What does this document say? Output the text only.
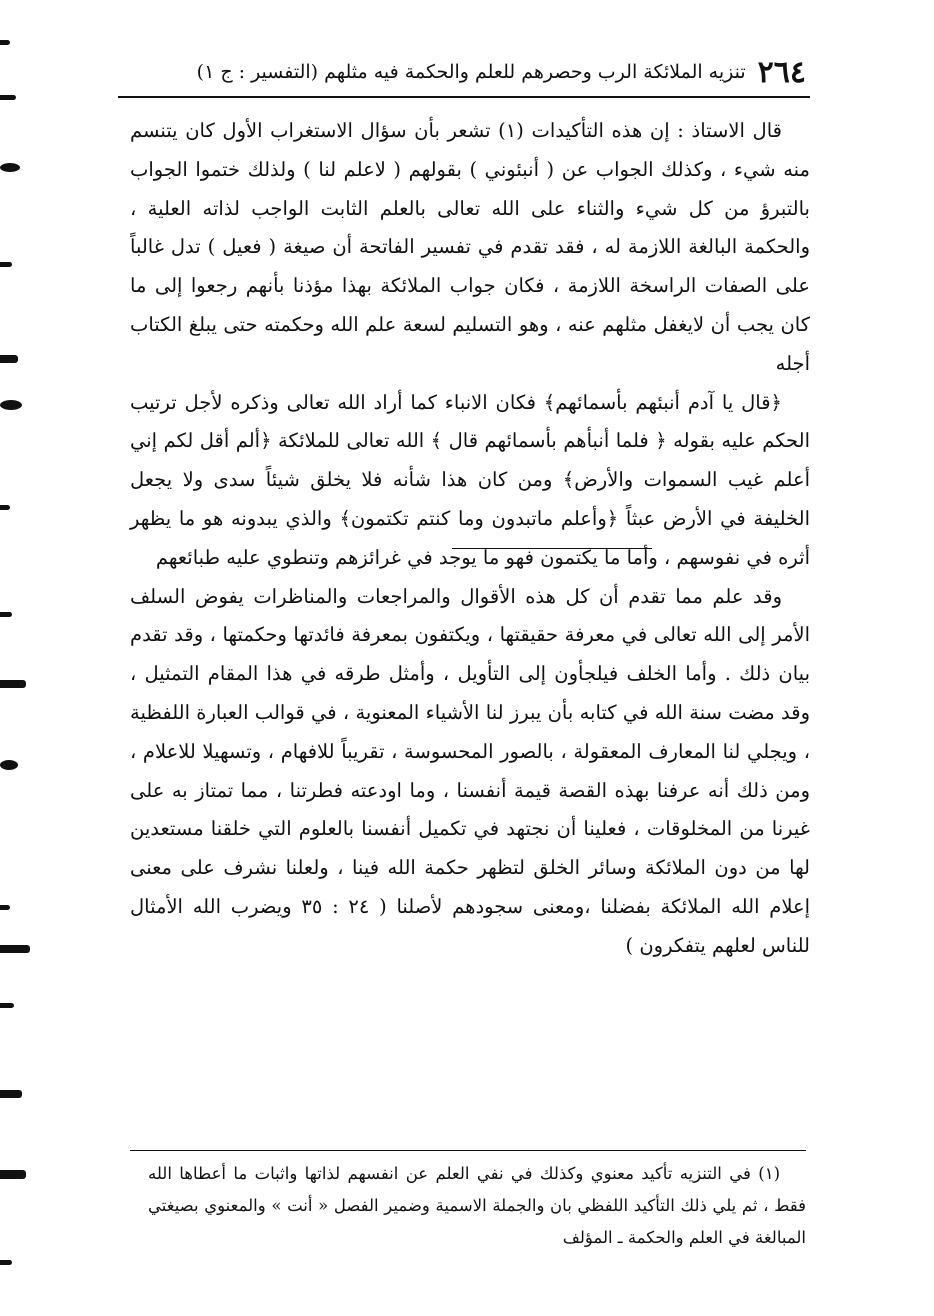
٢٦٤
تنزيه الملائكة الرب وحصرهم للعلم والحكمة فيه مثلهم (التفسير : ج ١)

قال الاستاذ : إن هذه التأكيدات (١) تشعر بأن سؤال الاستغراب الأول كان يتنسم منه شيء ، وكذلك الجواب عن ( أنبئوني ) بقولهم ( لاعلم لنا ) ولذلك ختموا الجواب بالتبرؤ من كل شيء والثناء على الله تعالى بالعلم الثابت الواجب لذاته العلية ، والحكمة البالغة اللازمة له ، فقد تقدم في تفسير الفاتحة أن صيغة ( فعيل ) تدل غالباً على الصفات الراسخة اللازمة ، فكان جواب الملائكة بهذا مؤذنا بأنهم رجعوا إلى ما كان يجب أن لايغفل مثلهم عنه ، وهو التسليم لسعة علم الله وحكمته حتى يبلغ الكتاب أجله

﴿قال يا آدم أنبئهم بأسمائهم﴾ فكان الانباء كما أراد الله تعالى وذكره لأجل ترتيب الحكم عليه بقوله ﴿ فلما أنبأهم بأسمائهم قال ﴾ الله تعالى للملائكة ﴿ألم أقل لكم إني أعلم غيب السموات والأرض﴾ ومن كان هذا شأنه فلا يخلق شيئاً سدى ولا يجعل الخليفة في الأرض عبثاً ﴿وأعلم ماتبدون وما كنتم تكتمون﴾ والذي يبدونه هو ما يظهر أثره في نفوسهم ، وأما ما يكتمون فهو ما يوجد في غرائزهم وتنطوي عليه طبائعهم

وقد علم مما تقدم أن كل هذه الأقوال والمراجعات والمناظرات يفوض السلف الأمر إلى الله تعالى في معرفة حقيقتها ، ويكتفون بمعرفة فائدتها وحكمتها ، وقد تقدم بيان ذلك . وأما الخلف فيلجأون إلى التأويل ، وأمثل طرقه في هذا المقام التمثيل ، وقد مضت سنة الله في كتابه بأن يبرز لنا الأشياء المعنوية ، في قوالب العبارة اللفظية ، ويجلي لنا المعارف المعقولة ، بالصور المحسوسة ، تقريباً للافهام ، وتسهيلا للاعلام ، ومن ذلك أنه عرفنا بهذه القصة قيمة أنفسنا ، وما اودعته فطرتنا ، مما تمتاز به على غيرنا من المخلوقات ، فعلينا أن نجتهد في تكميل أنفسنا بالعلوم التي خلقنا مستعدين لها من دون الملائكة وسائر الخلق لتظهر حكمة الله فينا ، ولعلنا نشرف على معنى إعلام الله الملائكة بفضلنا ،ومعنى سجودهم لأصلنا ( ٢٤ : ٣٥ ويضرب الله الأمثال للناس لعلهم يتفكرون )

(١) في التنزيه تأكيد معنوي وكذلك في نفي العلم عن انفسهم لذاتها واثبات ما أعطاها الله فقط ، ثم يلي ذلك التأكيد اللفظي بان والجملة الاسمية وضمير الفصل « أنت » والمعنوي بصيغتي المبالغة في العلم والحكمة ـ المؤلف
